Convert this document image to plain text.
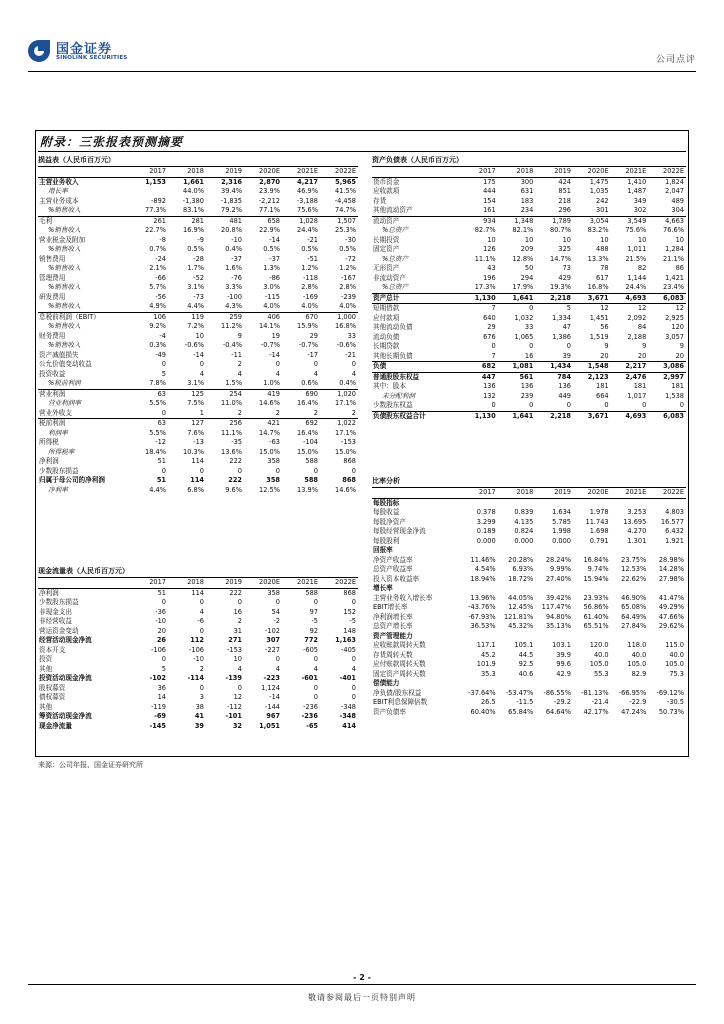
国金证券
SINOLINK SECURITIES	公司点评
附录：三张报表预测摘要
损益表（人民币百万元）
	2017	2018	2019	2020E	2021E	2022E
主营业务收入	1,153	1,661	2,316	2,870	4,217	5,965
增长率		44.0%	39.4%	23.9%	46.9%	41.5%
主营业务成本	-892	-1,380	-1,835	-2,212	-3,188	-4,458
%销售收入	77.3%	83.1%	79.2%	77.1%	75.6%	74.7%
毛利	261	281	481	658	1,028	1,507
%销售收入	22.7%	16.9%	20.8%	22.9%	24.4%	25.3%
营业税金及附加	-8	-9	-10	-14	-21	-30
%销售收入	0.7%	0.5%	0.4%	0.5%	0.5%	0.5%
销售费用	-24	-28	-37	-37	-51	-72
%销售收入	2.1%	1.7%	1.6%	1.3%	1.2%	1.2%
管理费用	-66	-52	-76	-86	-118	-167
%销售收入	5.7%	3.1%	3.3%	3.0%	2.8%	2.8%
研发费用	-56	-73	-100	-115	-169	-239
%销售收入	4.9%	4.4%	4.3%	4.0%	4.0%	4.0%
息税前利润（EBIT）	106	119	259	406	670	1,000
%销售收入	9.2%	7.2%	11.2%	14.1%	15.9%	16.8%
财务费用	-4	10	9	19	29	33
%销售收入	0.3%	-0.6%	-0.4%	-0.7%	-0.7%	-0.6%
资产减值损失	-49	-14	-11	-14	-17	-21
公允价值变动收益	0	0	2	0	0	0
投资收益	5	4	4	4	4	4
%税前利润	7.8%	3.1%	1.5%	1.0%	0.6%	0.4%
营业利润	63	125	254	419	690	1,020
营业利润率	5.5%	7.5%	11.0%	14.6%	16.4%	17.1%
营业外收支	0	1	2	2	2	2
税前利润	63	127	256	421	692	1,022
利润率	5.5%	7.6%	11.1%	14.7%	16.4%	17.1%
所得税	-12	-13	-35	-63	-104	-153
所得税率	18.4%	10.3%	13.6%	15.0%	15.0%	15.0%
净利润	51	114	222	358	588	868
少数股东损益	0	0	0	0	0	0
归属于母公司的净利润	51	114	222	358	588	868
净利率	4.4%	6.8%	9.6%	12.5%	13.9%	14.6%
资产负债表（人民币百万元）
	2017	2018	2019	2020E	2021E	2022E
货币资金	175	300	424	1,475	1,410	1,824
应收款项	444	631	851	1,035	1,487	2,047
存货	154	183	218	242	349	489
其他流动资产	161	234	296	301	302	304
流动资产	934	1,348	1,789	3,054	3,549	4,663
%总资产	82.7%	82.1%	80.7%	83.2%	75.6%	76.6%
长期投资	10	10	10	10	10	10
固定资产	126	209	325	488	1,011	1,284
%总资产	11.1%	12.8%	14.7%	13.3%	21.5%	21.1%
无形资产	43	50	73	78	82	86
非流动资产	196	294	429	617	1,144	1,421
%总资产	17.3%	17.9%	19.3%	16.8%	24.4%	23.4%
资产总计	1,130	1,641	2,218	3,671	4,693	6,083
短期借款	7	0	5	12	12	12
应付款项	640	1,032	1,334	1,451	2,092	2,925
其他流动负债	29	33	47	56	84	120
流动负债	676	1,065	1,386	1,519	2,188	3,057
长期贷款	0	0	0	9	9	9
其他长期负债	7	16	39	20	20	20
负债	682	1,081	1,434	1,548	2,217	3,086
普通股股东权益	447	561	784	2,123	2,476	2,997
其中：股本	136	136	136	181	181	181
未分配利润	132	239	449	664	1,017	1,538
少数股东权益	0	0	0	0	0	0
负债股东权益合计	1,130	1,641	2,218	3,671	4,693	6,083
现金流量表（人民币百万元）
	2017	2018	2019	2020E	2021E	2022E
净利润	51	114	222	358	588	868
少数股东损益	0	0	0	0	0	0
非现金支出	-36	4	16	54	97	152
非经营收益	-10	-6	2	-2	-5	-5
营运资金变动	20	0	31	-102	92	148
经营活动现金净流	26	112	271	307	772	1,163
资本开支	-106	-106	-153	-227	-605	-405
投资	0	-10	10	0	0	0
其他	5	2	4	4	4	4
投资活动现金净流	-102	-114	-139	-223	-601	-401
股权募资	36	0	0	1,124	0	0
债权募资	14	3	12	-14	0	0
其他	-119	38	-112	-144	-236	-348
筹资活动现金净流	-69	41	-101	967	-236	-348
现金净流量	-145	39	32	1,051	-65	414
比率分析
	2017	2018	2019	2020E	2021E	2022E
每股指标						
每股收益	0.378	0.839	1.634	1.978	3.253	4.803
每股净资产	3.299	4.135	5.785	11.743	13.695	16.577
每股经营现金净流	0.189	0.824	1.998	1.698	4.270	6.432
每股股利	0.000	0.000	0.000	0.791	1.301	1.921
回报率						
净资产收益率	11.46%	20.28%	28.24%	16.84%	23.75%	28.98%
总资产收益率	4.54%	6.93%	9.99%	9.74%	12.53%	14.28%
投入资本收益率	18.94%	18.72%	27.40%	15.94%	22.62%	27.98%
增长率						
主营业务收入增长率	13.96%	44.05%	39.42%	23.93%	46.90%	41.47%
EBIT增长率	-43.76%	12.45%	117.47%	56.86%	65.08%	49.29%
净利润增长率	-67.93%	121.81%	94.80%	61.40%	64.49%	47.66%
总资产增长率	36.53%	45.32%	35.13%	65.51%	27.84%	29.62%
资产管理能力						
应收账款周转天数	117.1	105.1	103.1	120.0	118.0	115.0
存货周转天数	45.2	44.5	39.9	40.0	40.0	40.0
应付账款周转天数	101.9	92.5	99.6	105.0	105.0	105.0
固定资产周转天数	35.3	40.6	42.9	55.3	82.9	75.3
偿债能力						
净负债/股东权益	-37.64%	-53.47%	-86.55%	-81.13%	-66.95%	-69.12%
EBIT利息保障倍数	26.5	-11.5	-29.2	-21.4	-22.9	-30.5
资产负债率	60.40%	65.84%	64.64%	42.17%	47.24%	50.73%
来源：公司年报、国金证券研究所
- 2 -
敬请参阅最后一页特别声明
